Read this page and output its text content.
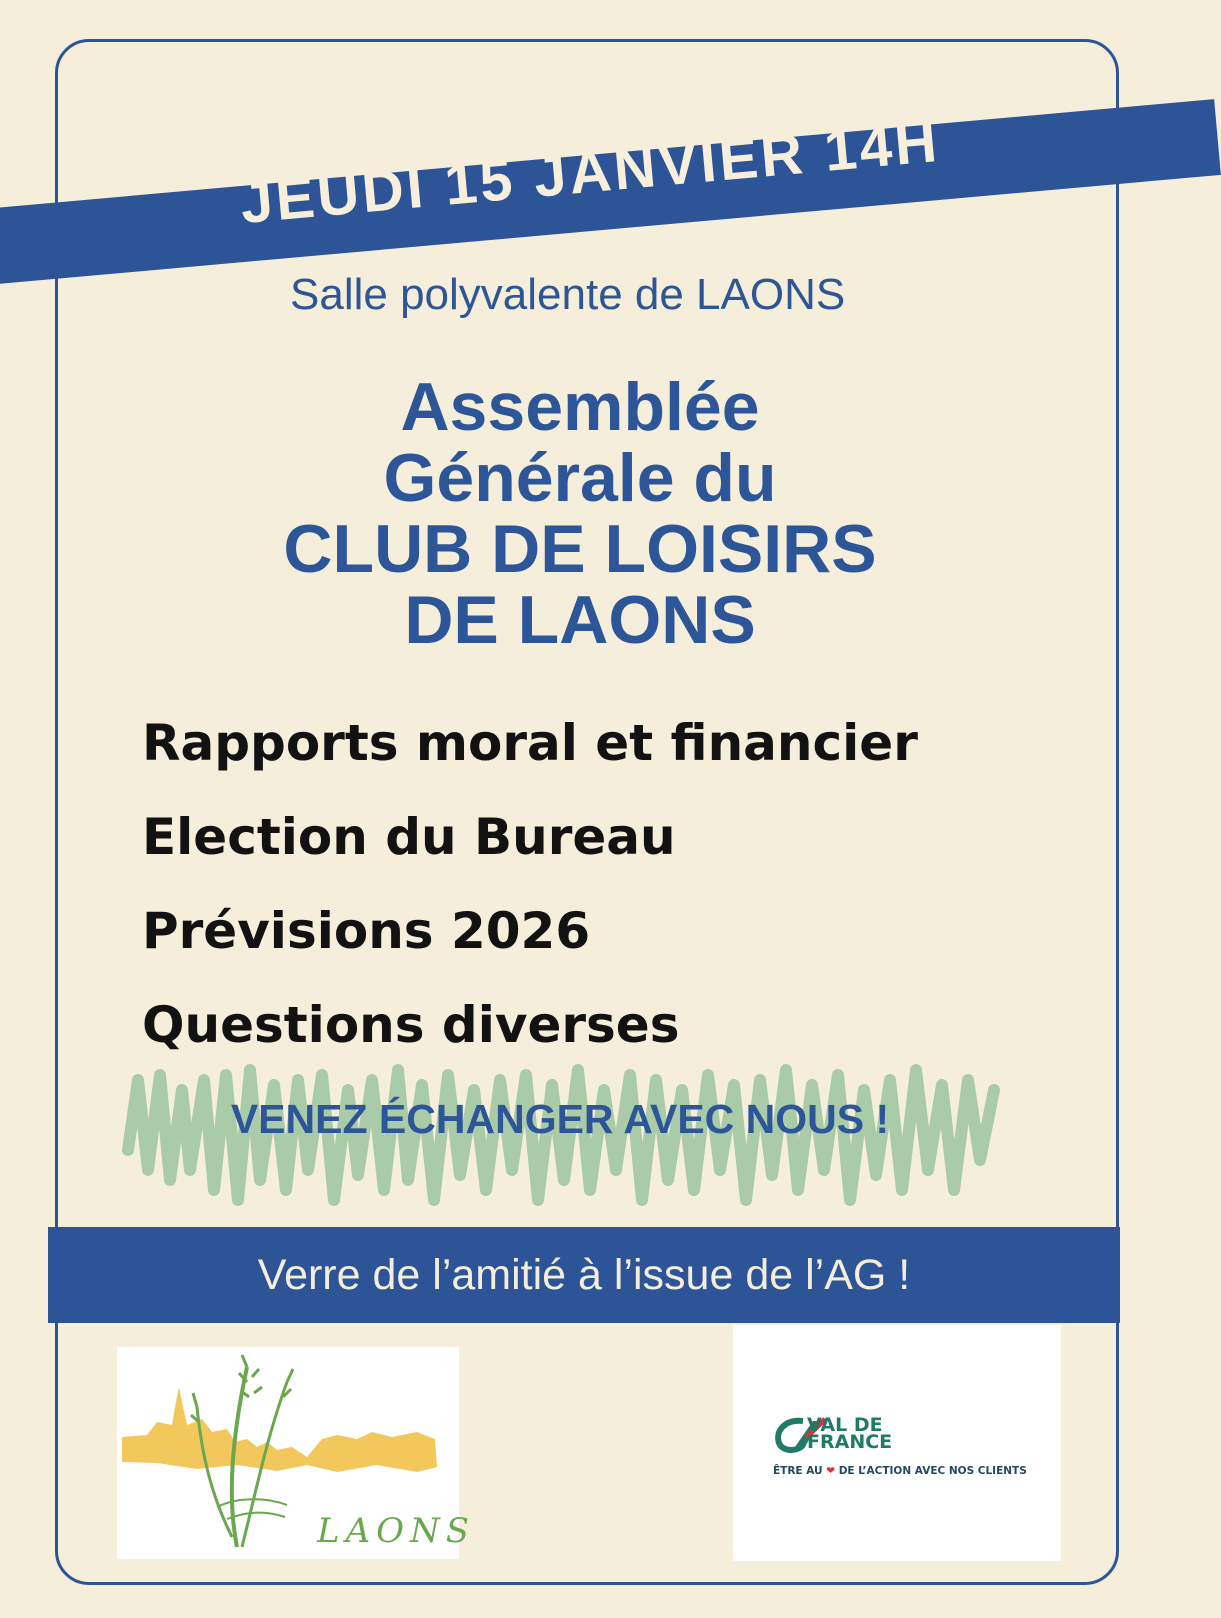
JEUDI 15 JANVIER 14H
Salle polyvalente de LAONS
Assemblée
Générale du
CLUB DE LOISIRS
DE LAONS
Rapports moral et financier
Election du Bureau
Prévisions 2026
Questions diverses
VENEZ ÉCHANGER AVEC NOUS !
Verre de l’amitié à l’issue de l’AG !
LAONS
VAL DE
FRANCE
ÊTRE AU ❤ DE L’ACTION AVEC NOS CLIENTS
